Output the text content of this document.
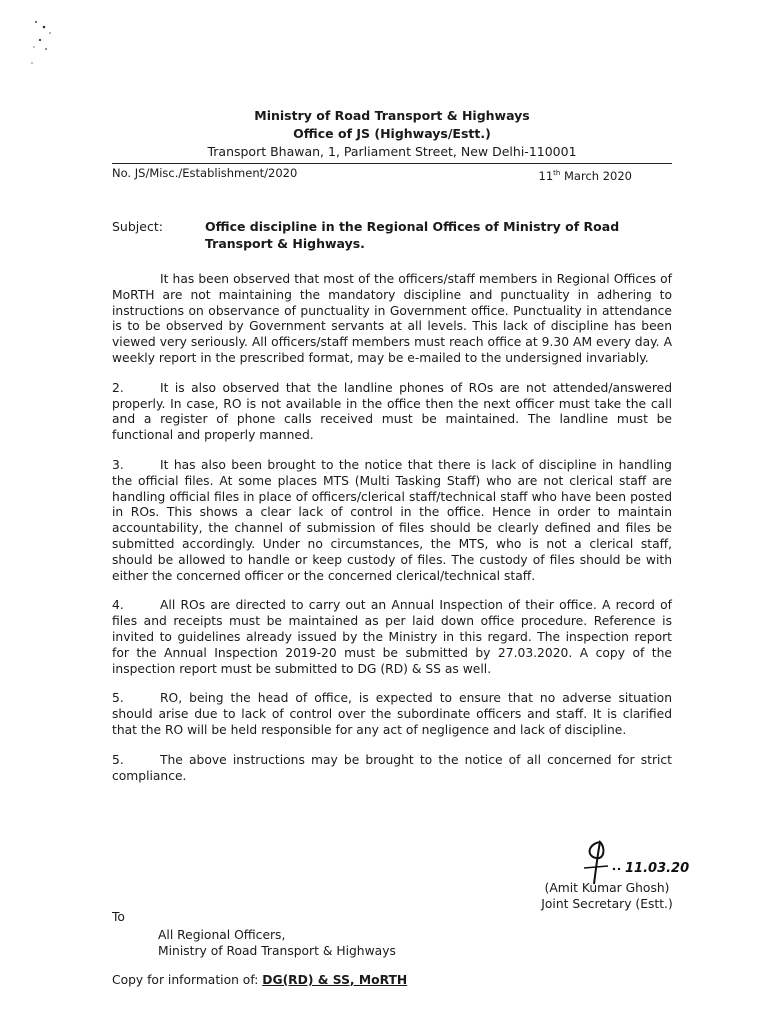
Ministry of Road Transport & Highways
Office of JS (Highways/Estt.)
Transport Bhawan, 1, Parliament Street, New Delhi-110001
No. JS/Misc./Establishment/2020	11th March 2020
Subject:	Office discipline in the Regional Offices of Ministry of Road Transport & Highways.

It has been observed that most of the officers/staff members in Regional Offices of MoRTH are not maintaining the mandatory discipline and punctuality in adhering to instructions on observance of punctuality in Government office. Punctuality in attendance is to be observed by Government servants at all levels. This lack of discipline has been viewed very seriously. All officers/staff members must reach office at 9.30 AM every day. A weekly report in the prescribed format, may be e-mailed to the undersigned invariably.

2.	It is also observed that the landline phones of ROs are not attended/answered properly. In case, RO is not available in the office then the next officer must take the call and a register of phone calls received must be maintained. The landline must be functional and properly manned.

3.	It has also been brought to the notice that there is lack of discipline in handling the official files. At some places MTS (Multi Tasking Staff) who are not clerical staff are handling official files in place of officers/clerical staff/technical staff who have been posted in ROs. This shows a clear lack of control in the office. Hence in order to maintain accountability, the channel of submission of files should be clearly defined and files be submitted accordingly. Under no circumstances, the MTS, who is not a clerical staff, should be allowed to handle or keep custody of files. The custody of files should be with either the concerned officer or the concerned clerical/technical staff.

4.	All ROs are directed to carry out an Annual Inspection of their office. A record of files and receipts must be maintained as per laid down office procedure. Reference is invited to guidelines already issued by the Ministry in this regard. The inspection report for the Annual Inspection 2019-20 must be submitted by 27.03.2020. A copy of the inspection report must be submitted to DG (RD) & SS as well.

5.	RO, being the head of office, is expected to ensure that no adverse situation should arise due to lack of control over the subordinate officers and staff. It is clarified that the RO will be held responsible for any act of negligence and lack of discipline.

5.	The above instructions may be brought to the notice of all concerned for strict compliance.

11.03.20
(Amit Kumar Ghosh)
Joint Secretary (Estt.)
To
All Regional Officers,
Ministry of Road Transport & Highways
Copy for information of: DG(RD) & SS, MoRTH
